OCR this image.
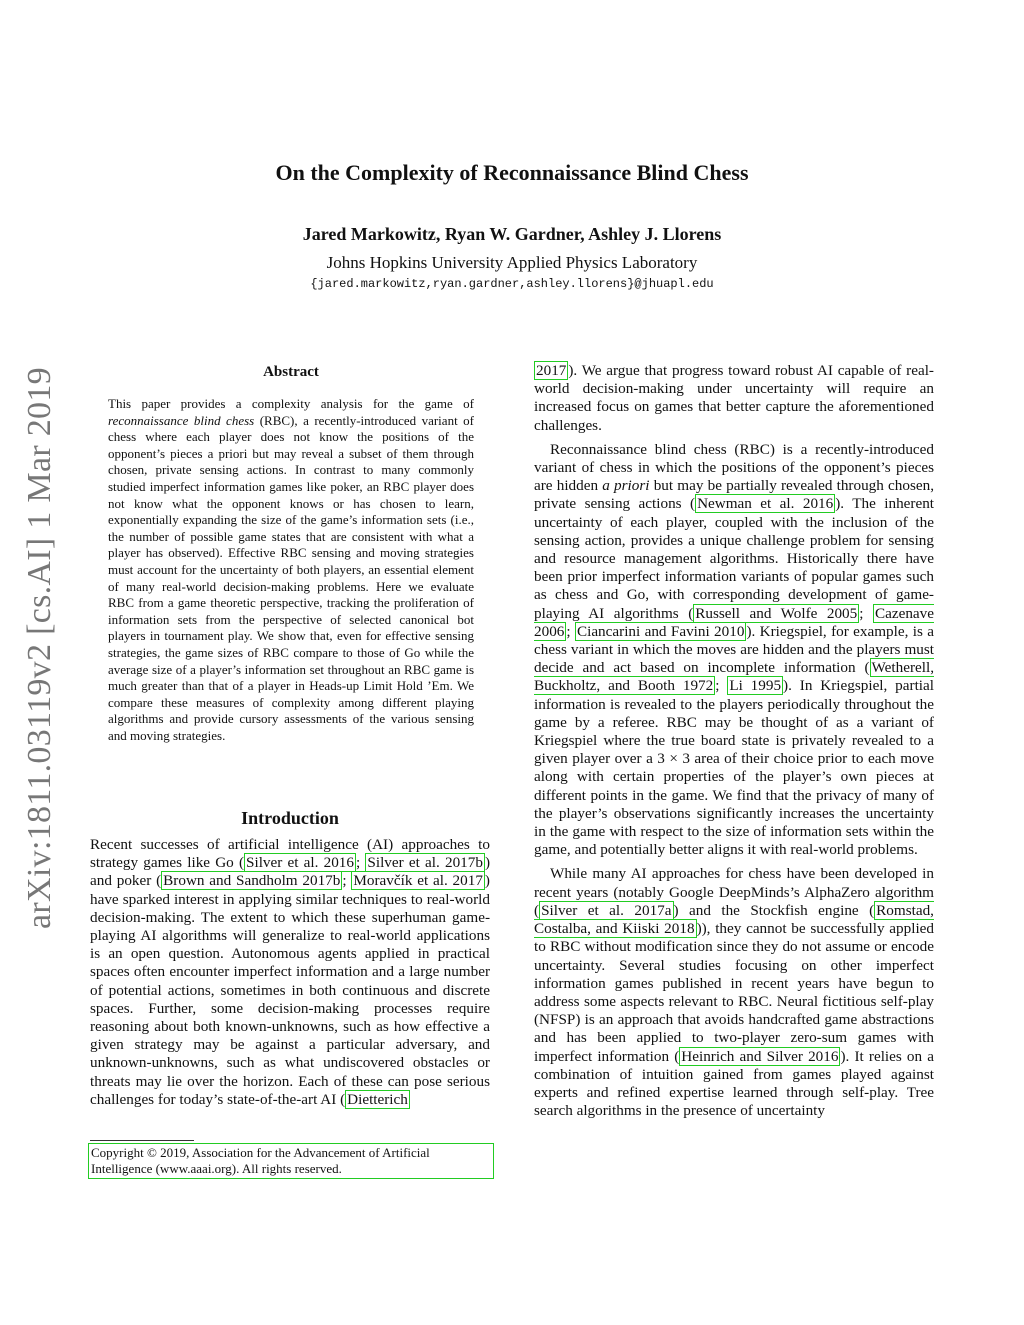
On the Complexity of Reconnaissance Blind Chess
Jared Markowitz, Ryan W. Gardner, Ashley J. Llorens
Johns Hopkins University Applied Physics Laboratory
{jared.markowitz,ryan.gardner,ashley.llorens}@jhuapl.edu
arXiv:1811.03119v2 [cs.AI] 1 Mar 2019	Abstract

This paper provides a complexity analysis for the game of reconnaissance blind chess (RBC), a recently-introduced variant of chess where each player does not know the positions of the opponent’s pieces a priori but may reveal a subset of them through chosen, private sensing actions. In contrast to many commonly studied imperfect information games like poker, an RBC player does not know what the opponent knows or has chosen to learn, exponentially expanding the size of the game’s information sets (i.e., the number of possible game states that are consistent with what a player has observed). Effective RBC sensing and moving strategies must account for the uncertainty of both players, an essential element of many real-world decision-making problems. Here we evaluate RBC from a game theoretic perspective, tracking the proliferation of information sets from the perspective of selected canonical bot players in tournament play. We show that, even for effective sensing strategies, the game sizes of RBC compare to those of Go while the average size of a player’s information set throughout an RBC game is much greater than that of a player in Heads-up Limit Hold ’Em. We compare these measures of complexity among different playing algorithms and provide cursory assessments of the various sensing and moving strategies.

Introduction

Recent successes of artificial intelligence (AI) approaches to strategy games like Go ( Silver et al. 2016 ; Silver et al. 2017b ) and poker ( Brown and Sandholm 2017b ; Moravčík et al. 2017 ) have sparked interest in applying similar techniques to real-world decision-making. The extent to which these superhuman game-playing AI algorithms will generalize to real-world applications is an open question. Autonomous agents applied in practical spaces often encounter imperfect information and a large number of potential actions, sometimes in both continuous and discrete spaces. Further, some decision-making processes require reasoning about both known-unknowns, such as how effective a given strategy may be against a particular adversary, and unknown-unknowns, such as what undiscovered obstacles or threats may lie over the horizon. Each of these can pose serious challenges for today’s state-of-the-art AI ( Dietterich

Copyright © 2019, Association for the Advancement of Artificial Intelligence (www.aaai.org). All rights reserved.

2017 ). We argue that progress toward robust AI capable of real-world decision-making under uncertainty will require an increased focus on games that better capture the aforementioned challenges.

Reconnaissance blind chess (RBC) is a recently-introduced variant of chess in which the positions of the opponent’s pieces are hidden a priori but may be partially revealed through chosen, private sensing actions ( Newman et al. 2016 ). The inherent uncertainty of each player, coupled with the inclusion of the sensing action, provides a unique challenge problem for sensing and resource management algorithms. Historically there have been prior imperfect information variants of popular games such as chess and Go, with corresponding development of game-playing AI algorithms ( Russell and Wolfe 2005 ; Cazenave 2006 ; Ciancarini and Favini 2010 ). Kriegspiel, for example, is a chess variant in which the moves are hidden and the players must decide and act based on incomplete information ( Wetherell, Buckholtz, and Booth 1972 ; Li 1995 ). In Kriegspiel, partial information is revealed to the players periodically throughout the game by a referee. RBC may be thought of as a variant of Kriegspiel where the true board state is privately revealed to a given player over a 3 × 3 area of their choice prior to each move along with certain properties of the player’s own pieces at different points in the game. We find that the privacy of many of the player’s observations significantly increases the uncertainty in the game with respect to the size of information sets within the game, and potentially better aligns it with real-world problems.

While many AI approaches for chess have been developed in recent years (notably Google DeepMinds’s AlphaZero algorithm ( Silver et al. 2017a ) and the Stockfish engine ( Romstad, Costalba, and Kiiski 2018 )), they cannot be successfully applied to RBC without modification since they do not assume or encode uncertainty. Several studies focusing on other imperfect information games published in recent years have begun to address some aspects relevant to RBC. Neural fictitious self-play (NFSP) is an approach that avoids handcrafted game abstractions and has been applied to two-player zero-sum games with imperfect information ( Heinrich and Silver 2016 ). It relies on a combination of intuition gained from games played against experts and refined expertise learned through self-play. Tree search algorithms in the presence of uncertainty
